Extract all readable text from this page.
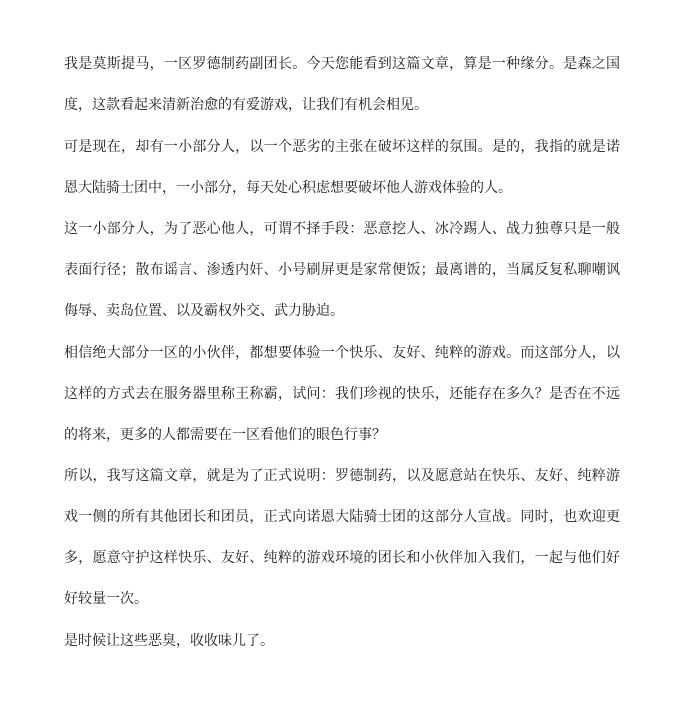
我是莫斯提马，一区罗德制药副团长。今天您能看到这篇文章，算是一种缘分。是森之国度，这款看起来清新治愈的有爱游戏，让我们有机会相见。

可是现在，却有一小部分人，以一个恶劣的主张在破坏这样的氛围。是的，我指的就是诺恩大陆骑士团中，一小部分，每天处心积虑想要破坏他人游戏体验的人。

这一小部分人，为了恶心他人，可谓不择手段：恶意挖人、冰冷踢人、战力独尊只是一般表面行径；散布谣言、渗透内奸、小号刷屏更是家常便饭；最离谱的，当属反复私聊嘲讽侮辱、卖岛位置、以及霸权外交、武力胁迫。

相信绝大部分一区的小伙伴，都想要体验一个快乐、友好、纯粹的游戏。而这部分人，以这样的方式去在服务器里称王称霸，试问：我们珍视的快乐，还能存在多久？是否在不远的将来，更多的人都需要在一区看他们的眼色行事？

所以，我写这篇文章，就是为了正式说明：罗德制药，以及愿意站在快乐、友好、纯粹游戏一侧的所有其他团长和团员，正式向诺恩大陆骑士团的这部分人宣战。同时，也欢迎更多，愿意守护这样快乐、友好、纯粹的游戏环境的团长和小伙伴加入我们，一起与他们好好较量一次。

是时候让这些恶臭，收收味儿了。
